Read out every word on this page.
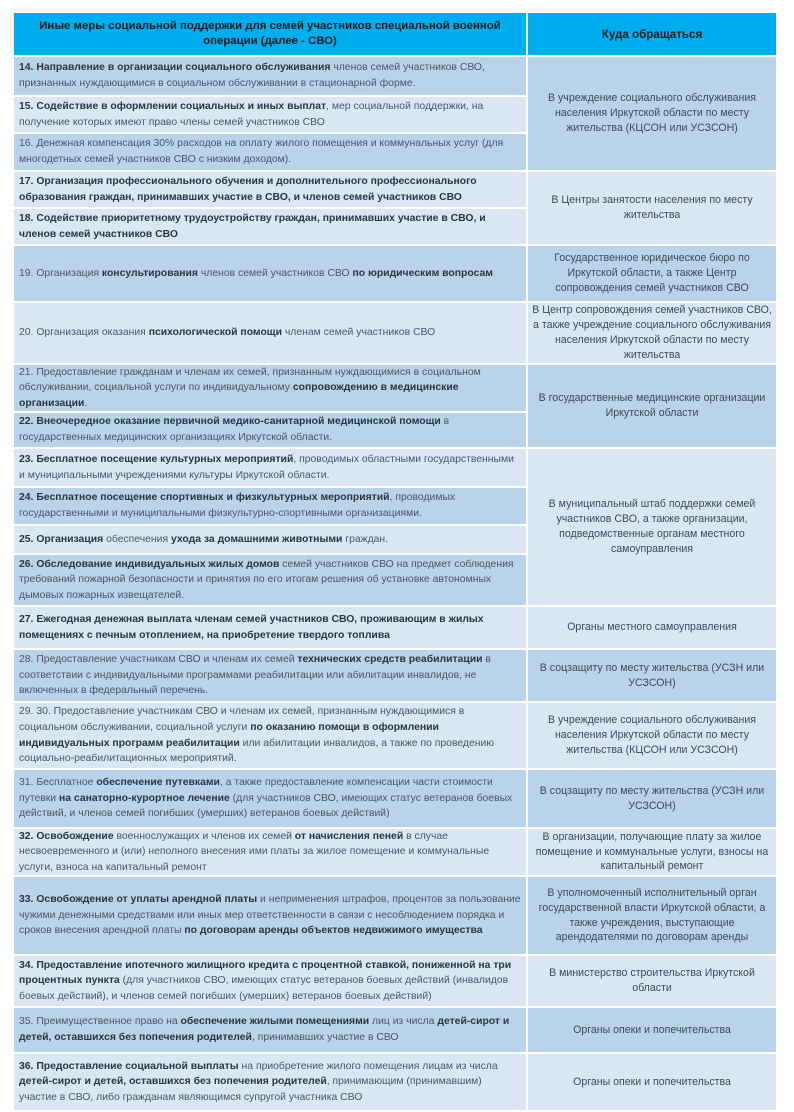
Иные меры социальной поддержки для семей участников специальной военной операции (далее - СВО)
Куда обращаться
14. Направление в организации социального обслуживания членов семей участников СВО, признанных нуждающимися в социальном обслуживании в стационарной форме.
15. Содействие в оформлении социальных и иных выплат, мер социальной поддержки, на получение которых имеют право члены семей участников СВО
16. Денежная компенсация 30% расходов на оплату жилого помещения и коммунальных услуг (для многодетных семей участников СВО с низким доходом).
В учреждение социального обслуживания населения Иркутской области по месту жительства (КЦСОН или УСЗСОН)
17. Организация профессионального обучения и дополнительного профессионального образования граждан, принимавших участие в СВО, и членов семей участников СВО
18. Содействие приоритетному трудоустройству граждан, принимавших участие в СВО, и членов семей участников СВО
В Центры занятости населения по месту жительства
19. Организация консультирования членов семей участников СВО по юридическим вопросам
Государственное юридическое бюро по Иркутской области, а также Центр сопровождения семей участников СВО
20. Организация оказания психологической помощи членам семей участников СВО
В Центр сопровождения семей участников СВО, а также учреждение социального обслуживания населения Иркутской области по месту жительства
21. Предоставление гражданам и членам их семей, признанным нуждающимися в социальном обслуживании, социальной услуги по индивидуальному сопровождению в медицинские организации.
22. Внеочередное оказание первичной медико-санитарной медицинской помощи в государственных медицинских организациях Иркутской области.
В государственные медицинские организации Иркутской области
23. Бесплатное посещение культурных мероприятий, проводимых областными государственными и муниципальными учреждениями культуры Иркутской области.
24. Бесплатное посещение спортивных и физкультурных мероприятий, проводимых государственными и муниципальными физкультурно-спортивными организациями.
25. Организация обеспечения ухода за домашними животными граждан.
26. Обследование индивидуальных жилых домов семей участников СВО на предмет соблюдения требований пожарной безопасности и принятия по его итогам решения об установке автономных дымовых пожарных извещателей.
В муниципальный штаб поддержки семей участников СВО, а также организации, подведомственные органам местного самоуправления
27. Ежегодная денежная выплата членам семей участников СВО, проживающим в жилых помещениях с печным отоплением, на приобретение твердого топлива
Органы местного самоуправления
28. Предоставление участникам СВО и членам их семей технических средств реабилитации в соответствии с индивидуальными программами реабилитации или абилитации инвалидов, не включенных в федеральный перечень.
В соцзащиту по месту жительства (УСЗН или УСЗСОН)
29. 30. Предоставление участникам СВО и членам их семей, признанным нуждающимися в социальном обслуживании, социальной услуги по оказанию помощи в оформлении индивидуальных программ реабилитации или абилитации инвалидов, а также по проведению социально-реабилитационных мероприятий.
В учреждение социального обслуживания населения Иркутской области по месту жительства (КЦСОН или УСЗСОН)
31. Бесплатное обеспечение путевками, а также предоставление компенсации части стоимости путевки на санаторно-курортное лечение (для участников СВО, имеющих статус ветеранов боевых действий, и членов семей погибших (умерших) ветеранов боевых действий)
В соцзащиту по месту жительства (УСЗН или УСЗСОН)
32. Освобождение военнослужащих и членов их семей от начисления пеней в случае несвоевременного и (или) неполного внесения ими платы за жилое помещение и коммунальные услуги, взноса на капитальный ремонт
В организации, получающие плату за жилое помещение и коммунальные услуги, взносы на капитальный ремонт
33. Освобождение от уплаты арендной платы и неприменения штрафов, процентов за пользование чужими денежными средствами или иных мер ответственности в связи с несоблюдением порядка и сроков внесения арендной платы по договорам аренды объектов недвижимого имущества
В уполномоченный исполнительный орган государственной власти Иркутской области, а также учреждения, выступающие арендодателями по договорам аренды
34. Предоставление ипотечного жилищного кредита с процентной ставкой, пониженной на три процентных пункта (для участников СВО, имеющих статус ветеранов боевых действий (инвалидов боевых действий), и членов семей погибших (умерших) ветеранов боевых действий)
В министерство строительства Иркутской области
35. Преимущественное право на обеспечение жилыми помещениями лиц из числа детей-сирот и детей, оставшихся без попечения родителей, принимавших участие в СВО
Органы опеки и попечительства
36. Предоставление социальной выплаты на приобретение жилого помещения лицам из числа детей-сирот и детей, оставшихся без попечения родителей, принимающим (принимавшим) участие в СВО, либо гражданам являющимся супругой участника СВО
Органы опеки и попечительства
